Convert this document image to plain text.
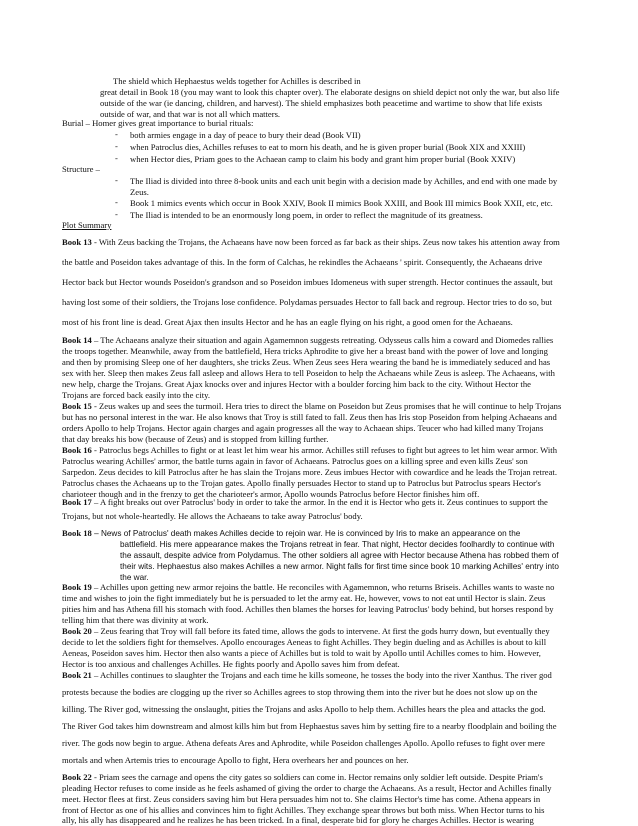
The shield which Hephaestus welds together for Achilles is described in
great detail in Book 18 (you may want to look this chapter over). The elaborate designs on shield depict not only the war, but also life
outside of the war (ie dancing, children, and harvest). The shield emphasizes both peacetime and wartime to show that life exists
outside of war, and that war is not all which matters.
Burial – Homer gives great importance to burial rituals:
- both armies engage in a day of peace to bury their dead (Book VII)
- when Patroclus dies, Achilles refuses to eat to morn his death, and he is given proper burial (Book XIX and XXIII)
- when Hector dies, Priam goes to the Achaean camp to claim his body and grant him proper burial (Book XXIV)
Structure –
- The Iliad is divided into three 8-book units and each unit begin with a decision made by Achilles, and end with one made by
Zeus.
- Book 1 mimics events which occur in Book XXIV, Book II mimics Book XXIII, and Book III mimics Book XXII, etc, etc.
- The Iliad is intended to be an enormously long poem, in order to reflect the magnitude of its greatness.
Plot Summary
Book 13 - With Zeus backing the Trojans, the Achaeans have now been forced as far back as their ships. Zeus now takes his attention away from
the battle and Poseidon takes advantage of this. In the form of Calchas, he rekindles the Achaeans ' spirit. Consequently, the Achaeans drive
Hector back but Hector wounds Poseidon's grandson and so Poseidon imbues Idomeneus with super strength. Hector continues the assault, but
having lost some of their soldiers, the Trojans lose confidence. Polydamas persuades Hector to fall back and regroup. Hector tries to do so, but
most of his front line is dead. Great Ajax then insults Hector and he has an eagle flying on his right, a good omen for the Achaeans.
Book 14 – The Achaeans analyze their situation and again Agamemnon suggests retreating. Odysseus calls him a coward and Diomedes rallies
the troops together. Meanwhile, away from the battlefield, Hera tricks Aphrodite to give her a breast band with the power of love and longing
and then by promising Sleep one of her daughters, she tricks Zeus. When Zeus sees Hera wearing the band he is immediately seduced and has
sex with her. Sleep then makes Zeus fall asleep and allows Hera to tell Poseidon to help the Achaeans while Zeus is asleep. The Achaeans, with
new help, charge the Trojans. Great Ajax knocks over and injures Hector with a boulder forcing him back to the city. Without Hector the
Trojans are forced back easily into the city.
Book 15 - Zeus wakes up and sees the turmoil. Hera tries to direct the blame on Poseidon but Zeus promises that he will continue to help Trojans
but has no personal interest in the war. He also knows that Troy is still fated to fall. Zeus then has Iris stop Poseidon from helping Achaeans and
orders Apollo to help Trojans. Hector again charges and again progresses all the way to Achaean ships. Teucer who had killed many Trojans
that day breaks his bow (because of Zeus) and is stopped from killing further.
Book 16 - Patroclus begs Achilles to fight or at least let him wear his armor. Achilles still refuses to fight but agrees to let him wear armor. With
Patroclus wearing Achilles' armor, the battle turns again in favor of Achaeans. Patroclus goes on a killing spree and even kills Zeus' son
Sarpedon. Zeus decides to kill Patroclus after he has slain the Trojans more. Zeus imbues Hector with cowardice and he leads the Trojan retreat.
Patroclus chases the Achaeans up to the Trojan gates. Apollo finally persuades Hector to stand up to Patroclus but Patroclus spears Hector's
charioteer though and in the frenzy to get the charioteer's armor, Apollo wounds Patroclus before Hector finishes him off.
Book 17 – A fight breaks out over Patroclus' body in order to take the armor. In the end it is Hector who gets it. Zeus continues to support the
Trojans, but not whole-heartedly. He allows the Achaeans to take away Patroclus' body.
Book 18 – News of Patroclus' death makes Achilles decide to rejoin war. He is convinced by Iris to make an appearance on the
battlefield. His mere appearance makes the Trojans retreat in fear. That night, Hector decides foolhardly to continue with
the assault, despite advice from Polydamus. The other soldiers all agree with Hector because Athena has robbed them of
their wits. Hephaestus also makes Achilles a new armor. Night falls for first time since book 10 marking Achilles' entry into
the war.
Book 19 – Achilles upon getting new armor rejoins the battle. He reconciles with Agamemnon, who returns Briseis. Achilles wants to waste no
time and wishes to join the fight immediately but he is persuaded to let the army eat. He, however, vows to not eat until Hector is slain. Zeus
pities him and has Athena fill his stomach with food. Achilles then blames the horses for leaving Patroclus' body behind, but horses respond by
telling him that there was divinity at work.
Book 20 – Zeus fearing that Troy will fall before its fated time, allows the gods to intervene. At first the gods hurry down, but eventually they
decide to let the soldiers fight for themselves. Apollo encourages Aeneas to fight Achilles. They begin dueling and as Achilles is about to kill
Aeneas, Poseidon saves him. Hector then also wants a piece of Achilles but is told to wait by Apollo until Achilles comes to him. However,
Hector is too anxious and challenges Achilles. He fights poorly and Apollo saves him from defeat.
Book 21 – Achilles continues to slaughter the Trojans and each time he kills someone, he tosses the body into the river Xanthus. The river god
protests because the bodies are clogging up the river so Achilles agrees to stop throwing them into the river but he does not slow up on the
killing. The River god, witnessing the onslaught, pities the Trojans and asks Apollo to help them. Achilles hears the plea and attacks the god.
The River God takes him downstream and almost kills him but from Hephaestus saves him by setting fire to a nearby floodplain and boiling the
river. The gods now begin to argue. Athena defeats Ares and Aphrodite, while Poseidon challenges Apollo. Apollo refuses to fight over mere
mortals and when Artemis tries to encourage Apollo to fight, Hera overhears her and pounces on her.
Book 22 - Priam sees the carnage and opens the city gates so soldiers can come in. Hector remains only soldier left outside. Despite Priam's
pleading Hector refuses to come inside as he feels ashamed of giving the order to charge the Achaeans. As a result, Hector and Achilles finally
meet. Hector flees at first. Zeus considers saving him but Hera persuades him not to. She claims Hector's time has come. Athena appears in
front of Hector as one of his allies and convinces him to fight Achilles. They exchange spear throws but both miss. When Hector turns to his
ally, his ally has disappeared and he realizes he has been tricked. In a final, desperate bid for glory he charges Achilles. Hector is wearing
